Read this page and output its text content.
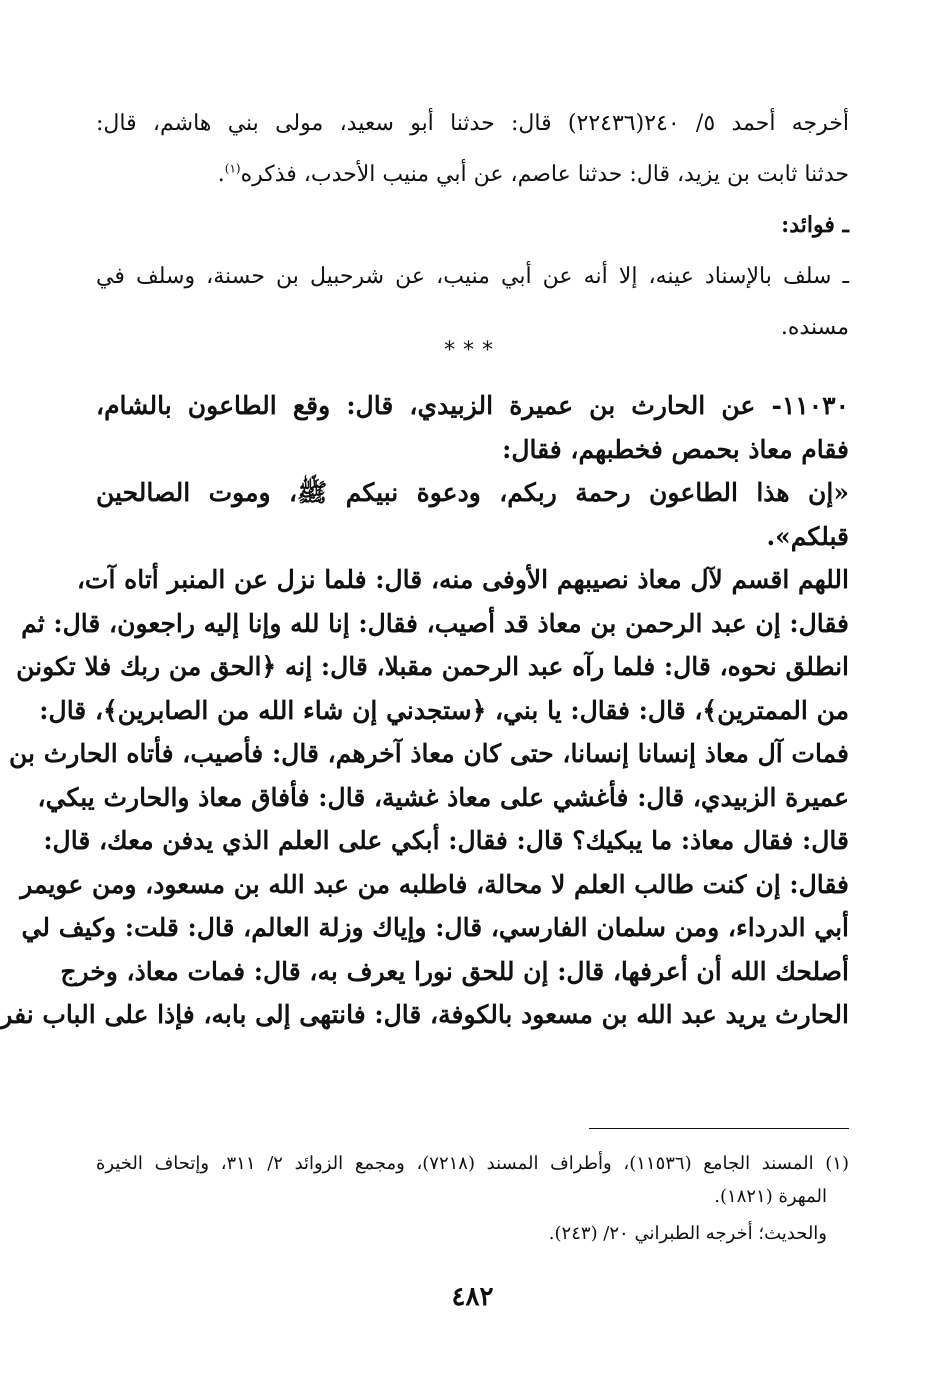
أخرجه أحمد ٥/ ٢٤٠(٢٢٤٣٦) قال: حدثنا أبو سعيد، مولى بني هاشم، قال:
حدثنا ثابت بن يزيد، قال: حدثنا عاصم، عن أبي منيب الأحدب، فذكره$^{(١)}$.
ـ فوائد:
ـ سلف بالإسناد عينه، إلا أنه عن أبي منيب، عن شرحبيل بن حسنة، وسلف في
مسنده.
***
١١٠٣٠- عن الحارث بن عميرة الزبيدي، قال: وقع الطاعون بالشام،
فقام معاذ بحمص فخطبهم، فقال:
«إن هذا الطاعون رحمة ربكم، ودعوة نبيكم ﷺ، وموت الصالحين
قبلكم».
اللهم اقسم لآل معاذ نصيبهم الأوفى منه، قال: فلما نزل عن المنبر أتاه آت،
فقال: إن عبد الرحمن بن معاذ قد أصيب، فقال: إنا لله وإنا إليه راجعون، قال: ثم
انطلق نحوه، قال: فلما رآه عبد الرحمن مقبلا، قال: إنه ﴿الحق من ربك فلا تكونن
من الممترين﴾، قال: فقال: يا بني، ﴿ستجدني إن شاء الله من الصابرين﴾، قال:
فمات آل معاذ إنسانا إنسانا، حتى كان معاذ آخرهم، قال: فأصيب، فأتاه الحارث بن
عميرة الزبيدي، قال: فأغشي على معاذ غشية، قال: فأفاق معاذ والحارث يبكي،
قال: فقال معاذ: ما يبكيك؟ قال: فقال: أبكي على العلم الذي يدفن معك، قال:
فقال: إن كنت طالب العلم لا محالة، فاطلبه من عبد الله بن مسعود، ومن عويمر
أبي الدرداء، ومن سلمان الفارسي، قال: وإياك وزلة العالم، قال: قلت: وكيف لي
أصلحك الله أن أعرفها، قال: إن للحق نورا يعرف به، قال: فمات معاذ، وخرج
الحارث يريد عبد الله بن مسعود بالكوفة، قال: فانتهى إلى بابه، فإذا على الباب نفر
(١) المسند الجامع (١١٥٣٦)، وأطراف المسند (٧٢١٨)، ومجمع الزوائد ٢/ ٣١١، وإتحاف الخيرة
المهرة (١٨٢١).
والحديث؛ أخرجه الطبراني ٢٠/ (٢٤٣).
٤٨٢
